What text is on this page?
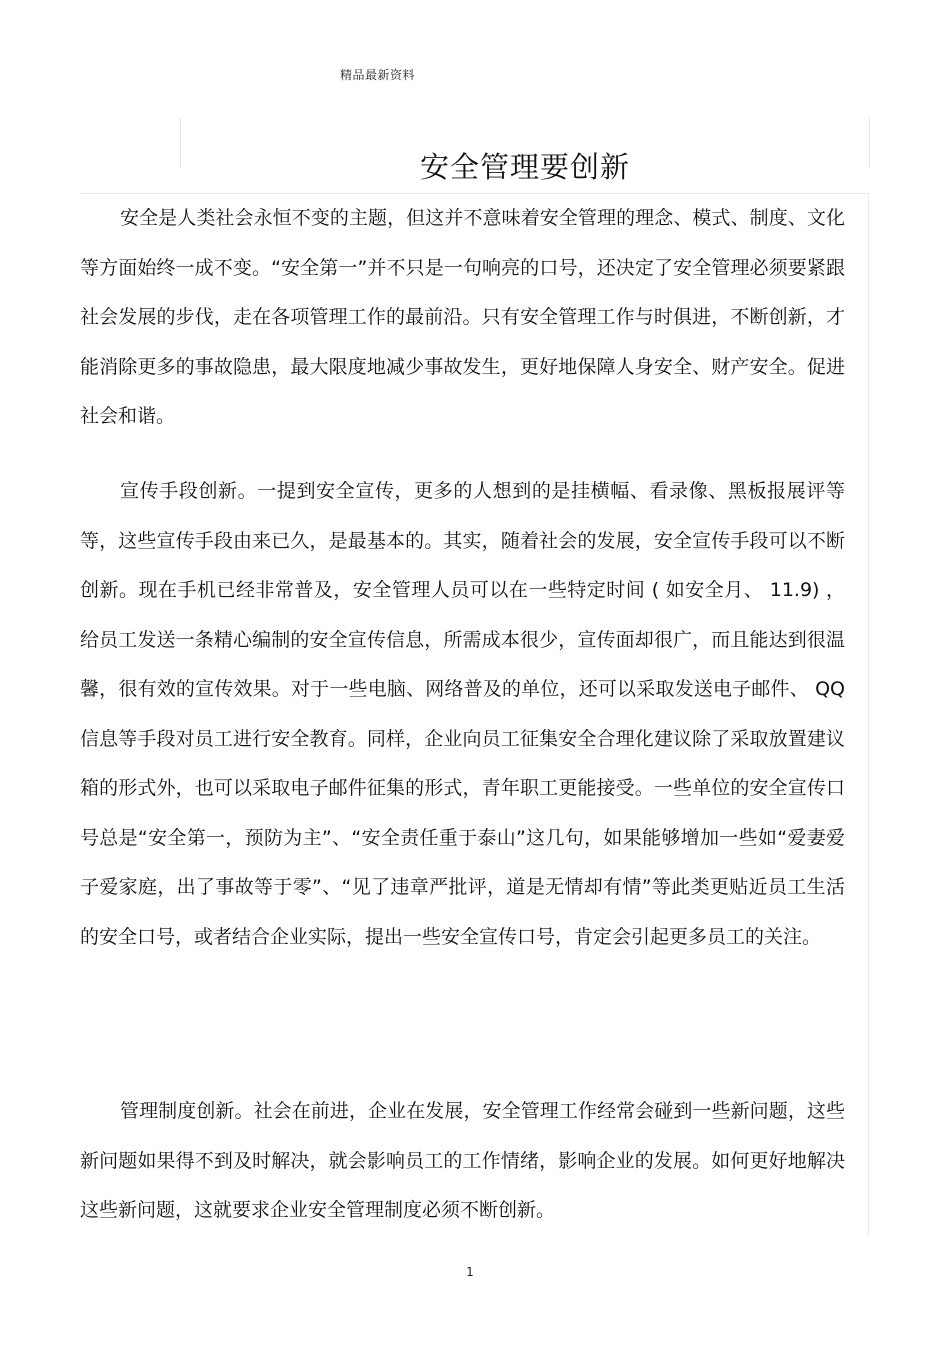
精品最新资料
安全管理要创新

安全是人类社会永恒不变的主题，但这并不意味着安全管理的理念、模式、制度、文化等方面始终一成不变。“安全第一”并不只是一句响亮的口号，还决定了安全管理必须要紧跟社会发展的步伐，走在各项管理工作的最前沿。只有安全管理工作与时俱进，不断创新，才能消除更多的事故隐患，最大限度地减少事故发生，更好地保障人身安全、财产安全。促进社会和谐。

宣传手段创新。一提到安全宣传，更多的人想到的是挂横幅、看录像、黑板报展评等等，这些宣传手段由来已久，是最基本的。其实，随着社会的发展，安全宣传手段可以不断创新。现在手机已经非常普及，安全管理人员可以在一些特定时间 ( 如安全月、 11.9) ，给员工发送一条精心编制的安全宣传信息，所需成本很少，宣传面却很广，而且能达到很温馨，很有效的宣传效果。对于一些电脑、网络普及的单位，还可以采取发送电子邮件、 QQ信息等手段对员工进行安全教育。同样，企业向员工征集安全合理化建议除了采取放置建议箱的形式外，也可以采取电子邮件征集的形式，青年职工更能接受。一些单位的安全宣传口号总是“安全第一，预防为主”、“安全责任重于泰山”这几句，如果能够增加一些如“爱妻爱子爱家庭，出了事故等于零”、“见了违章严批评，道是无情却有情”等此类更贴近员工生活的安全口号，或者结合企业实际，提出一些安全宣传口号，肯定会引起更多员工的关注。

管理制度创新。社会在前进，企业在发展，安全管理工作经常会碰到一些新问题，这些新问题如果得不到及时解决，就会影响员工的工作情绪，影响企业的发展。如何更好地解决这些新问题，这就要求企业安全管理制度必须不断创新。

1
